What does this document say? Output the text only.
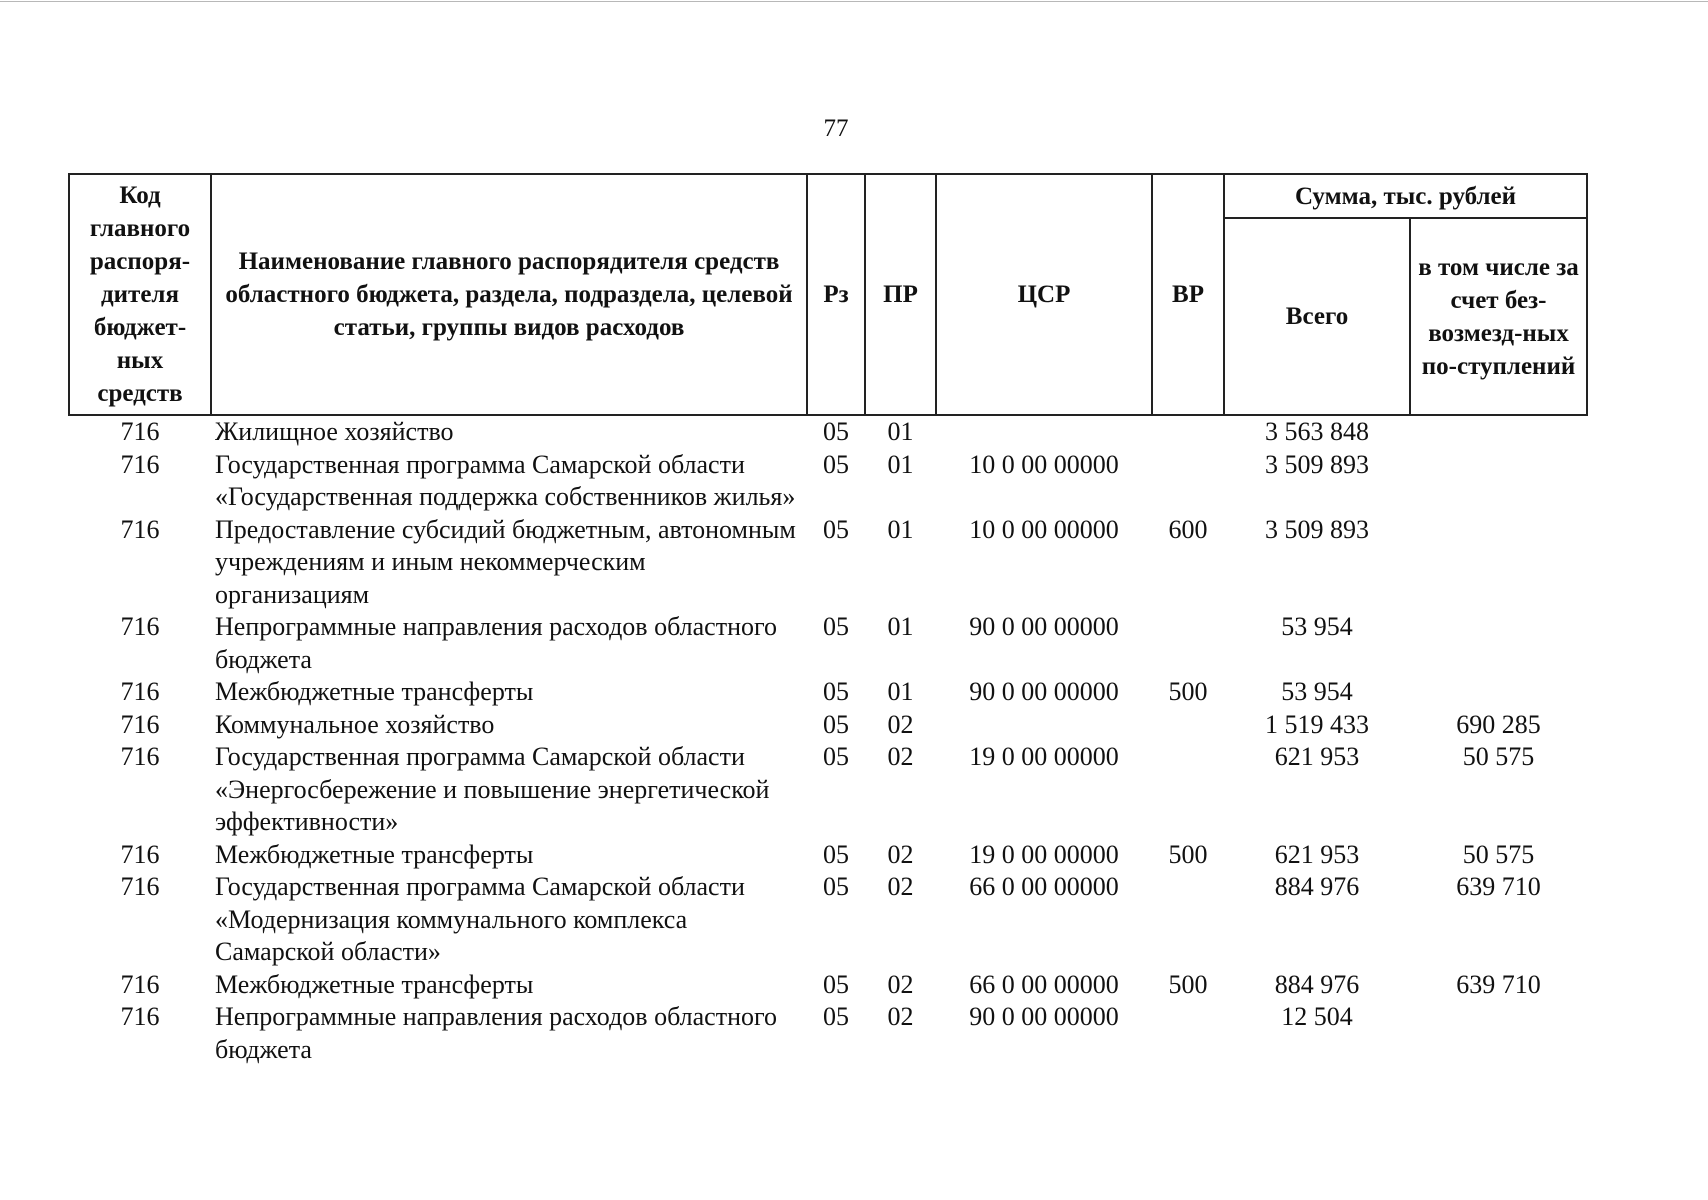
77
Код главного распоря-дителя бюджет-ных средств	Наименование главного распорядителя средств областного бюджета, раздела, подраздела, целевой статьи, группы видов расходов	Рз	ПР	ЦСР	ВР	Сумма, тыс. рублей	
						Всего	в том числе за счет без-возмезд-ных по-ступлений
716	Жилищное хозяйство	05	01			3 563 848	
716	Государственная программа Самарской области «Государственная поддержка собственников жилья»	05	01	10 0 00 00000		3 509 893	
716	Предоставление субсидий бюджетным, автономным учреждениям и иным некоммерческим организациям	05	01	10 0 00 00000	600	3 509 893	
716	Непрограммные направления расходов областного бюджета	05	01	90 0 00 00000		53 954	
716	Межбюджетные трансферты	05	01	90 0 00 00000	500	53 954	
716	Коммунальное хозяйство	05	02			1 519 433	690 285
716	Государственная программа Самарской области «Энергосбережение и повышение энергетической эффективности»	05	02	19 0 00 00000		621 953	50 575
716	Межбюджетные трансферты	05	02	19 0 00 00000	500	621 953	50 575
716	Государственная программа Самарской области «Модернизация коммунального комплекса Самарской области»	05	02	66 0 00 00000		884 976	639 710
716	Межбюджетные трансферты	05	02	66 0 00 00000	500	884 976	639 710
716	Непрограммные направления расходов областного бюджета	05	02	90 0 00 00000		12 504	
